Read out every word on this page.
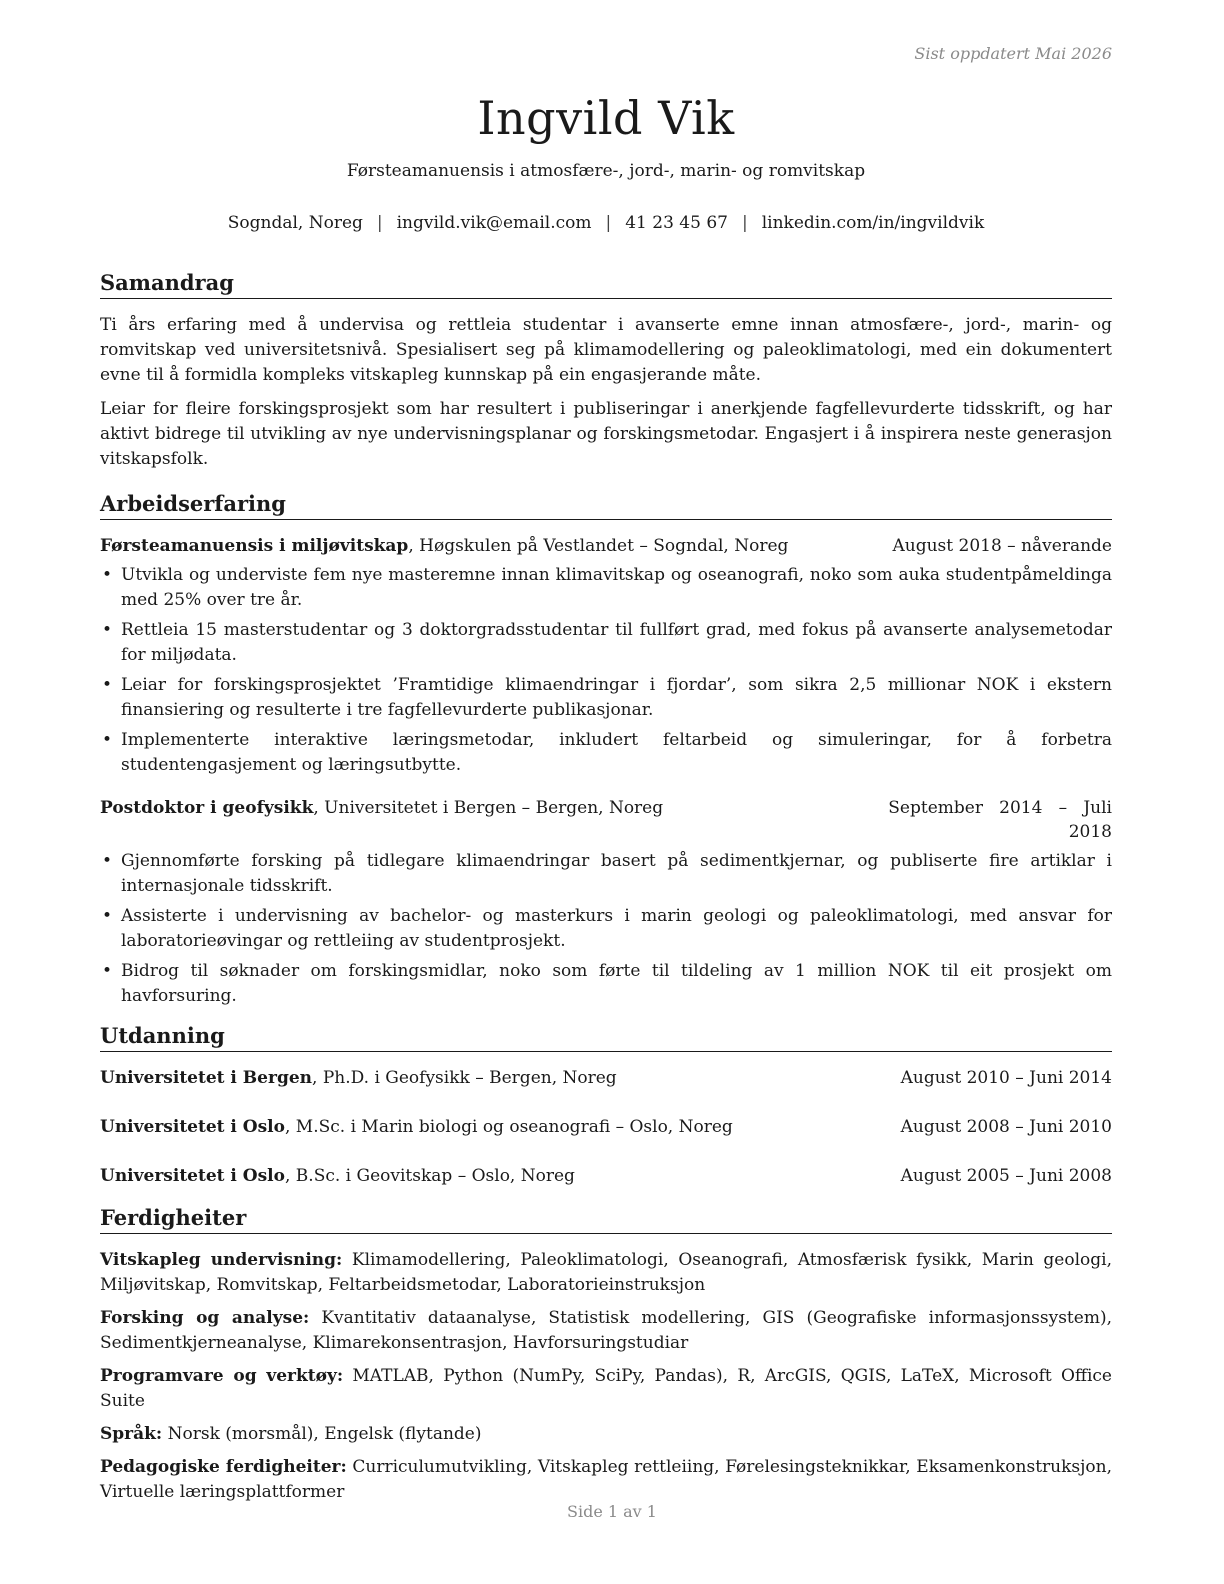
Sist oppdatert Mai 2026
Ingvild Vik
Førsteamanuensis i atmosfære-, jord-, marin- og romvitskap
Sogndal, Noreg | ingvild.vik@email.com | 41 23 45 67 | linkedin.com/in/ingvildvik
Samandrag

Ti års erfaring med å undervisa og rettleia studentar i avanserte emne innan atmosfære-, jord-, marin- og romvitskap ved universitetsnivå. Spesialisert seg på klimamodellering og paleoklimatologi, med ein dokumentert evne til å formidla kompleks vitskapleg kunnskap på ein engasjerande måte.

Leiar for fleire forskingsprosjekt som har resultert i publiseringar i anerkjende fagfellevurderte tidsskrift, og har aktivt bidrege til utvikling av nye undervisningsplanar og forskingsmetodar. Engasjert i å inspirera neste generasjon vitskapsfolk.

Arbeidserfaring
Førsteamanuensis i miljøvitskap, Høgskulen på Vestlandet – Sogndal, Noreg	August 2018 – nåverande
• Utvikla og underviste fem nye masteremne innan klimavitskap og oseanografi, noko som auka studentpåmeldinga med 25% over tre år.
• Rettleia 15 masterstudentar og 3 doktorgradsstudentar til fullført grad, med fokus på avanserte analysemetodar for miljødata.
• Leiar for forskingsprosjektet ’Framtidige klimaendringar i fjordar’, som sikra 2,5 millionar NOK i ekstern finansiering og resulterte i tre fagfellevurderte publikasjonar.
• Implementerte interaktive læringsmetodar, inkludert feltarbeid og simuleringar, for å forbetra studentengasjement og læringsutbytte.
Postdoktor i geofysikk, Universitetet i Bergen – Bergen, Noreg	September   2014   –   Juli
2018
• Gjennomførte forsking på tidlegare klimaendringar basert på sedimentkjernar, og publiserte fire artiklar i internasjonale tidsskrift.
• Assisterte i undervisning av bachelor- og masterkurs i marin geologi og paleoklimatologi, med ansvar for laboratorieøvingar og rettleiing av studentprosjekt.
• Bidrog til søknader om forskingsmidlar, noko som førte til tildeling av 1 million NOK til eit prosjekt om havforsuring.
Utdanning
Universitetet i Bergen, Ph.D. i Geofysikk – Bergen, Noreg	August 2010 – Juni 2014
Universitetet i Oslo, M.Sc. i Marin biologi og oseanografi – Oslo, Noreg	August 2008 – Juni 2010
Universitetet i Oslo, B.Sc. i Geovitskap – Oslo, Noreg	August 2005 – Juni 2008
Ferdigheiter

Vitskapleg undervisning: Klimamodellering, Paleoklimatologi, Oseanografi, Atmosfærisk fysikk, Marin geologi, Miljøvitskap, Romvitskap, Feltarbeidsmetodar, Laboratorieinstruksjon

Forsking og analyse: Kvantitativ dataanalyse, Statistisk modellering, GIS (Geografiske informasjonssystem), Sedimentkjerneanalyse, Klimarekonsentrasjon, Havforsuringstudiar

Programvare og verktøy: MATLAB, Python (NumPy, SciPy, Pandas), R, ArcGIS, QGIS, LaTeX, Microsoft Office Suite

Språk: Norsk (morsmål), Engelsk (flytande)

Pedagogiske ferdigheiter: Curriculumutvikling, Vitskapleg rettleiing, Førelesingsteknikkar, Eksamenkonstruksjon, Virtuelle læringsplattformer

Side 1 av 1
